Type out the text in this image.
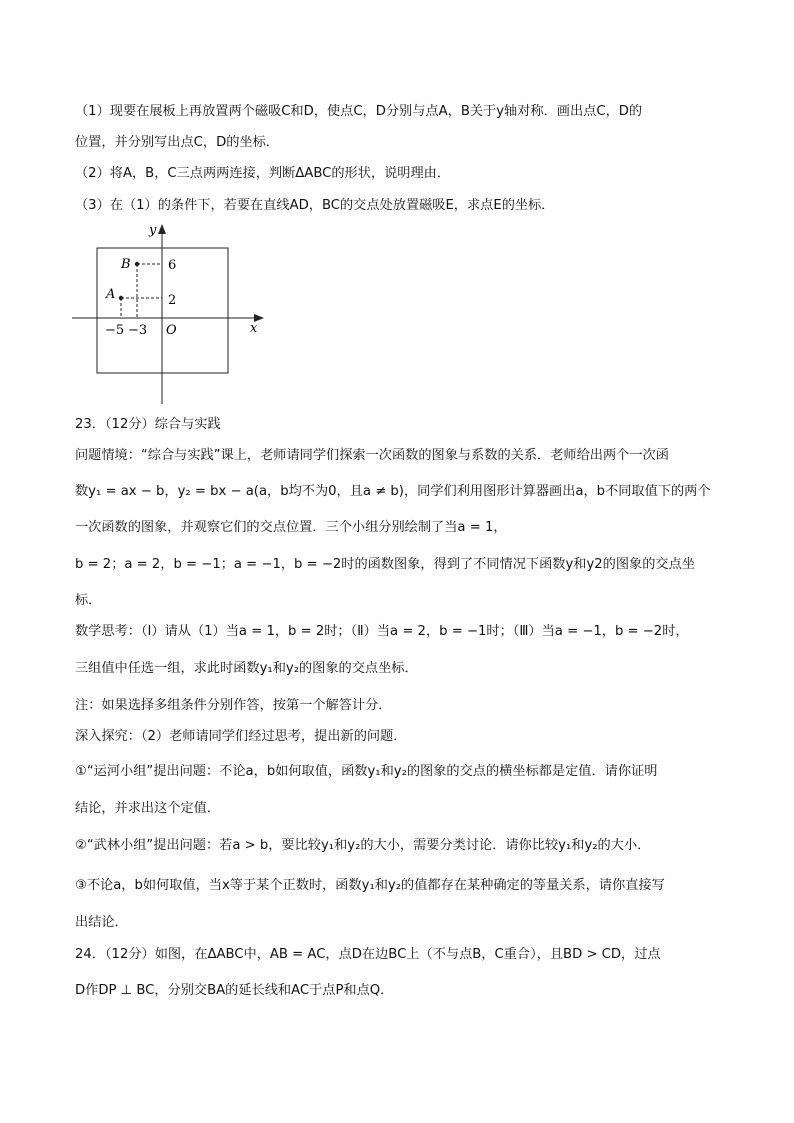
（1）现要在展板上再放置两个磁吸C和D，使点C，D分别与点A，B关于y轴对称．画出点C，D的
位置，并分别写出点C，D的坐标．
（2）将A，B，C三点两两连接，判断ΔABC的形状，说明理由．
（3）在（1）的条件下，若要在直线AD，BC的交点处放置磁吸E，求点E的坐标．
B
A
6
2
−5 −3 O	x
y
23．（12分）综合与实践
问题情境：“综合与实践”课上，老师请同学们探索一次函数的图象与系数的关系．老师给出两个一次函
数y₁ = ax − b，y₂ = bx − a(a，b均不为0，且a ≠ b)，同学们利用图形计算器画出a，b不同取值下的两个
一次函数的图象，并观察它们的交点位置．三个小组分别绘制了当a = 1，
b = 2；a = 2，b = −1；a = −1，b = −2时的函数图象，得到了不同情况下函数y和y2的图象的交点坐
标．
数学思考：（Ⅰ）请从（1）当a = 1，b = 2时；（Ⅱ）当a = 2，b = −1时；（Ⅲ）当a = −1，b = −2时，
三组值中任选一组，求此时函数y₁和y₂的图象的交点坐标．
注：如果选择多组条件分别作答，按第一个解答计分．
深入探究：（2）老师请同学们经过思考，提出新的问题．
①“运河小组”提出问题：不论a，b如何取值，函数y₁和y₂的图象的交点的横坐标都是定值．请你证明
结论，并求出这个定值．
②“武林小组”提出问题：若a > b，要比较y₁和y₂的大小，需要分类讨论．请你比较y₁和y₂的大小．
③不论a，b如何取值，当x等于某个正数时，函数y₁和y₂的值都存在某种确定的等量关系，请你直接写
出结论．
24．（12分）如图，在ΔABC中，AB = AC，点D在边BC上（不与点B，C重合），且BD > CD，过点
D作DP ⊥ BC，分别交BA的延长线和AC于点P和点Q．
